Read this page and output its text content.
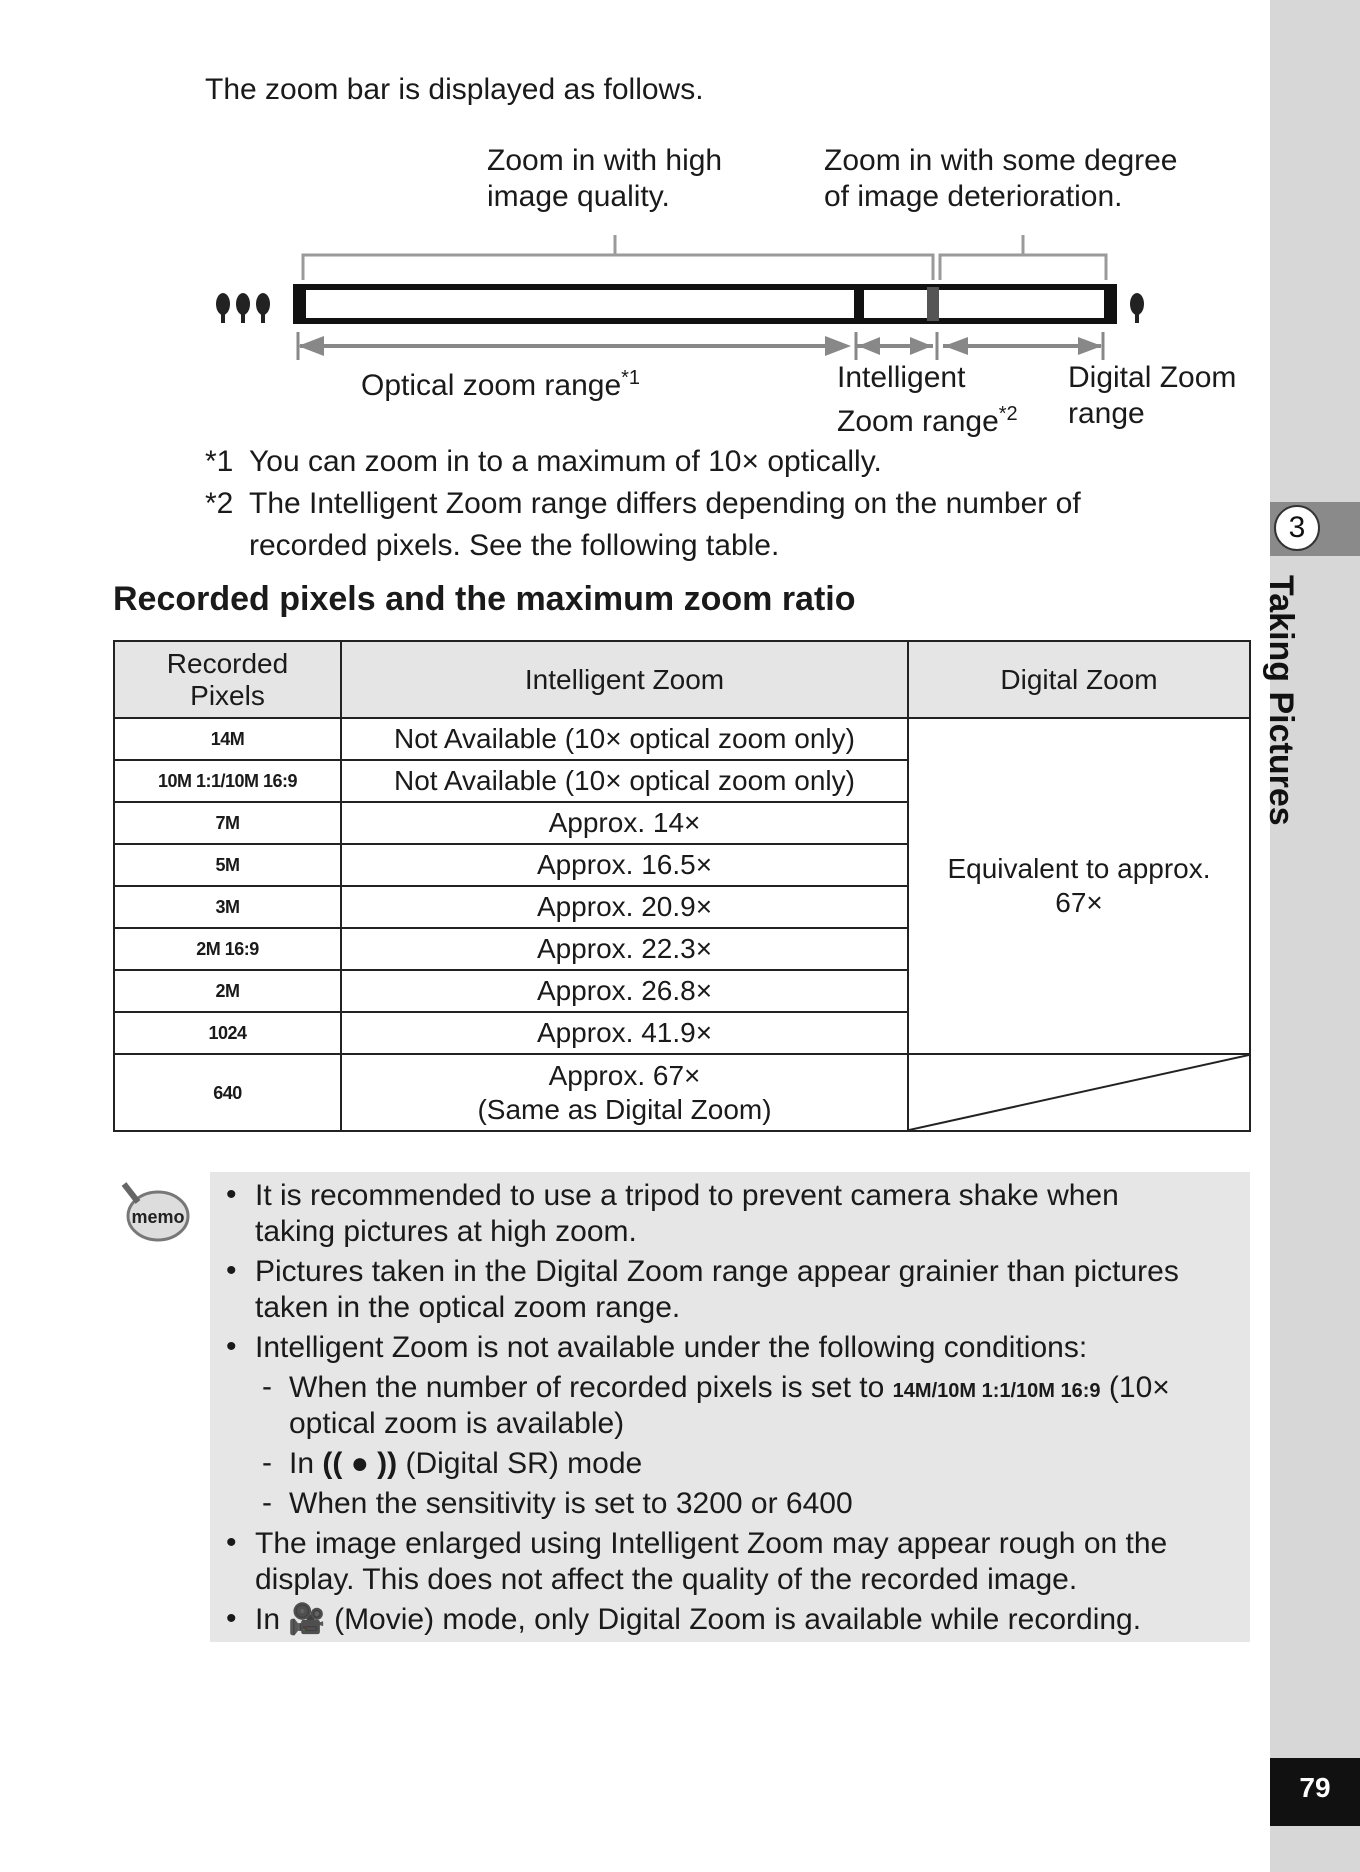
3
Taking Pictures
79
The zoom bar is displayed as follows.
Zoom in with high
image quality.
Zoom in with some degree
of image deterioration.
Optical zoom range$^{*1}$	Intelligent
Zoom range$^{*2}$
Digital Zoom
range
*1 You can zoom in to a maximum of 10× optically.
*2 The Intelligent Zoom range differs depending on the number of
recorded pixels. See the following table.
Recorded pixels and the maximum zoom ratio
Recorded
Pixels	Intelligent Zoom	Digital Zoom
14M	Not Available (10× optical zoom only)	Equivalent to approx.
67×
10M 1:1/10M 16:9	Not Available (10× optical zoom only)	
7M	Approx. 14×	
5M	Approx. 16.5×	
3M	Approx. 20.9×	
2M 16:9	Approx. 22.3×	
2M	Approx. 26.8×	
1024	Approx. 41.9×	
640	Approx. 67×
(Same as Digital Zoom)	
memo
• It is recommended to use a tripod to prevent camera shake when
taking pictures at high zoom.
• Pictures taken in the Digital Zoom range appear grainier than pictures
taken in the optical zoom range.
• Intelligent Zoom is not available under the following conditions:
- When the number of recorded pixels is set to 14M/10M 1:1/10M 16:9 (10×
optical zoom is available)
- In (( ● )) (Digital SR) mode
- When the sensitivity is set to 3200 or 6400
• The image enlarged using Intelligent Zoom may appear rough on the
display. This does not affect the quality of the recorded image.
• In 🎥 (Movie) mode, only Digital Zoom is available while recording.
